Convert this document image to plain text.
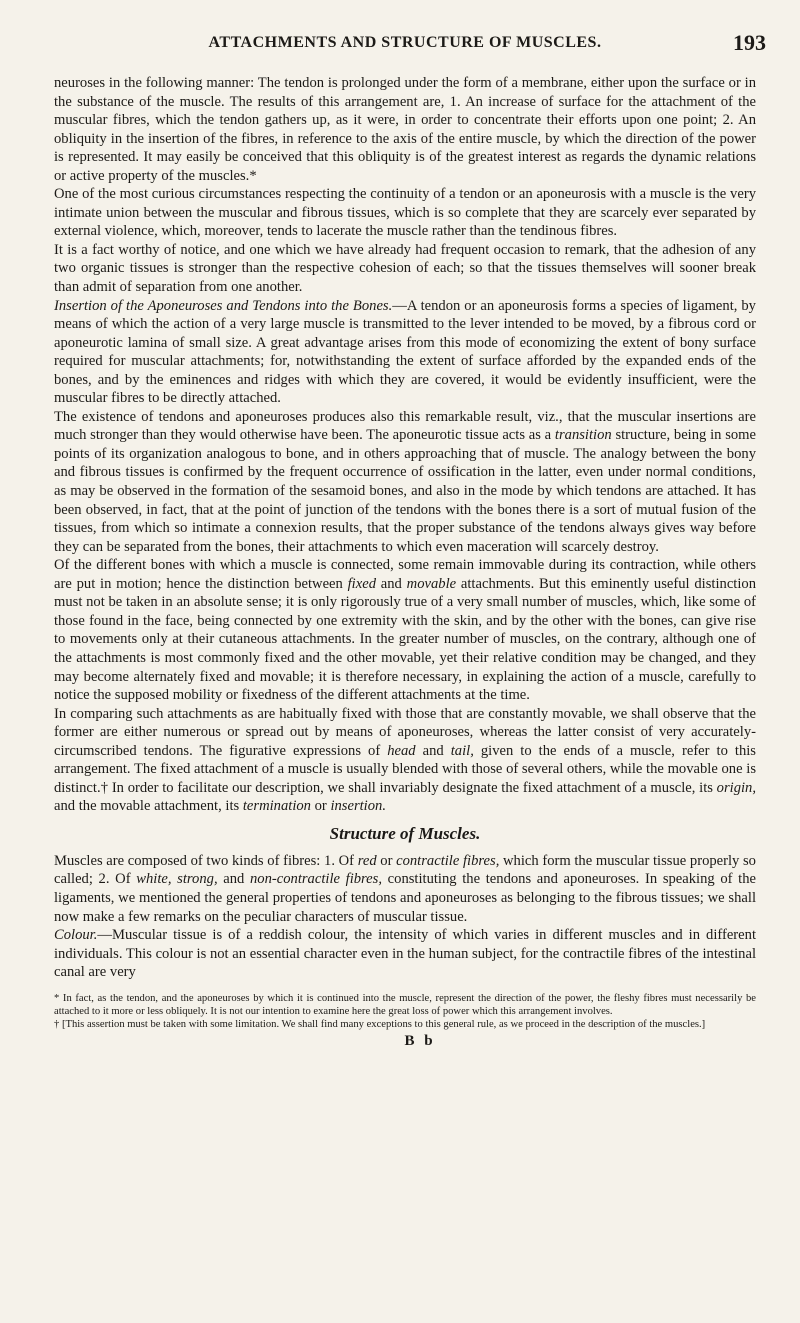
ATTACHMENTS AND STRUCTURE OF MUSCLES.	193

neuroses in the following manner: The tendon is prolonged under the form of a membrane, either upon the surface or in the substance of the muscle. The results of this arrangement are, 1. An increase of surface for the attachment of the muscular fibres, which the tendon gathers up, as it were, in order to concentrate their efforts upon one point; 2. An obliquity in the insertion of the fibres, in reference to the axis of the entire muscle, by which the direction of the power is represented. It may easily be conceived that this obliquity is of the greatest interest as regards the dynamic relations or active property of the muscles.*

One of the most curious circumstances respecting the continuity of a tendon or an aponeurosis with a muscle is the very intimate union between the muscular and fibrous tissues, which is so complete that they are scarcely ever separated by external violence, which, moreover, tends to lacerate the muscle rather than the tendinous fibres.

It is a fact worthy of notice, and one which we have already had frequent occasion to remark, that the adhesion of any two organic tissues is stronger than the respective cohesion of each; so that the tissues themselves will sooner break than admit of separation from one another.

Insertion of the Aponeuroses and Tendons into the Bones.—A tendon or an aponeurosis forms a species of ligament, by means of which the action of a very large muscle is transmitted to the lever intended to be moved, by a fibrous cord or aponeurotic lamina of small size. A great advantage arises from this mode of economizing the extent of bony surface required for muscular attachments; for, notwithstanding the extent of surface afforded by the expanded ends of the bones, and by the eminences and ridges with which they are covered, it would be evidently insufficient, were the muscular fibres to be directly attached.

The existence of tendons and aponeuroses produces also this remarkable result, viz., that the muscular insertions are much stronger than they would otherwise have been. The aponeurotic tissue acts as a transition structure, being in some points of its organization analogous to bone, and in others approaching that of muscle. The analogy between the bony and fibrous tissues is confirmed by the frequent occurrence of ossification in the latter, even under normal conditions, as may be observed in the formation of the sesamoid bones, and also in the mode by which tendons are attached. It has been observed, in fact, that at the point of junction of the tendons with the bones there is a sort of mutual fusion of the tissues, from which so intimate a connexion results, that the proper substance of the tendons always gives way before they can be separated from the bones, their attachments to which even maceration will scarcely destroy.

Of the different bones with which a muscle is connected, some remain immovable during its contraction, while others are put in motion; hence the distinction between fixed and movable attachments. But this eminently useful distinction must not be taken in an absolute sense; it is only rigorously true of a very small number of muscles, which, like some of those found in the face, being connected by one extremity with the skin, and by the other with the bones, can give rise to movements only at their cutaneous attachments. In the greater number of muscles, on the contrary, although one of the attachments is most commonly fixed and the other movable, yet their relative condition may be changed, and they may become alternately fixed and movable; it is therefore necessary, in explaining the action of a muscle, carefully to notice the supposed mobility or fixedness of the different attachments at the time.

In comparing such attachments as are habitually fixed with those that are constantly movable, we shall observe that the former are either numerous or spread out by means of aponeuroses, whereas the latter consist of very accurately-circumscribed tendons. The figurative expressions of head and tail, given to the ends of a muscle, refer to this arrangement. The fixed attachment of a muscle is usually blended with those of several others, while the movable one is distinct.† In order to facilitate our description, we shall invariably designate the fixed attachment of a muscle, its origin, and the movable attachment, its termination or insertion.

Structure of Muscles.

Muscles are composed of two kinds of fibres: 1. Of red or contractile fibres, which form the muscular tissue properly so called; 2. Of white, strong, and non-contractile fibres, constituting the tendons and aponeuroses. In speaking of the ligaments, we mentioned the general properties of tendons and aponeuroses as belonging to the fibrous tissues; we shall now make a few remarks on the peculiar characters of muscular tissue.

Colour.—Muscular tissue is of a reddish colour, the intensity of which varies in different muscles and in different individuals. This colour is not an essential character even in the human subject, for the contractile fibres of the intestinal canal are very

* In fact, as the tendon, and the aponeuroses by which it is continued into the muscle, represent the direction of the power, the fleshy fibres must necessarily be attached to it more or less obliquely. It is not our intention to examine here the great loss of power which this arrangement involves.

† [This assertion must be taken with some limitation. We shall find many exceptions to this general rule, as we proceed in the description of the muscles.]

B b
